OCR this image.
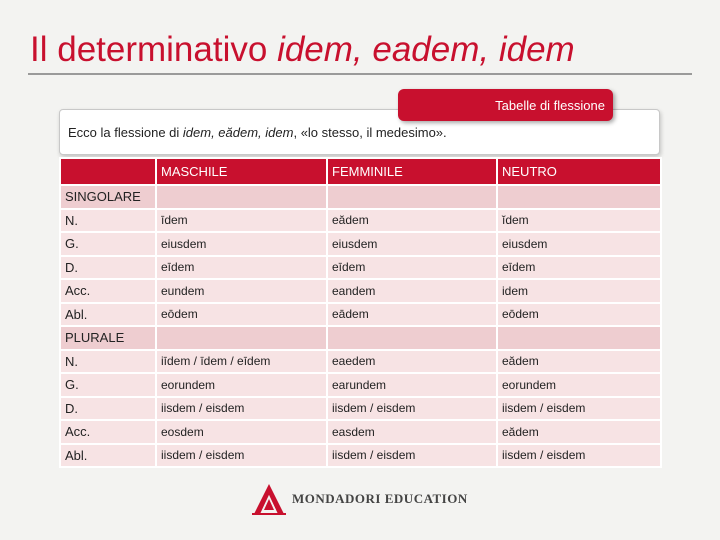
Il determinativo idem, eadem, idem
Ecco la flessione di idem, eădem, idem, «lo stesso, il medesimo».
Tabelle di flessione
	MASCHILE	FEMMINILE	NEUTRO
SINGOLARE			
N.	īdem	eădem	ĭdem
G.	eiusdem	eiusdem	eiusdem
D.	eīdem	eīdem	eīdem
Acc.	eundem	eandem	idem
Abl.	eōdem	eādem	eōdem
PLURALE			
N.	iīdem / īdem / eīdem	eaedem	eădem
G.	eorundem	earundem	eorundem
D.	iisdem / eisdem	iisdem / eisdem	iisdem / eisdem
Acc.	eosdem	easdem	eădem
Abl.	iisdem / eisdem	iisdem / eisdem	iisdem / eisdem
MONDADORI EDUCATION
